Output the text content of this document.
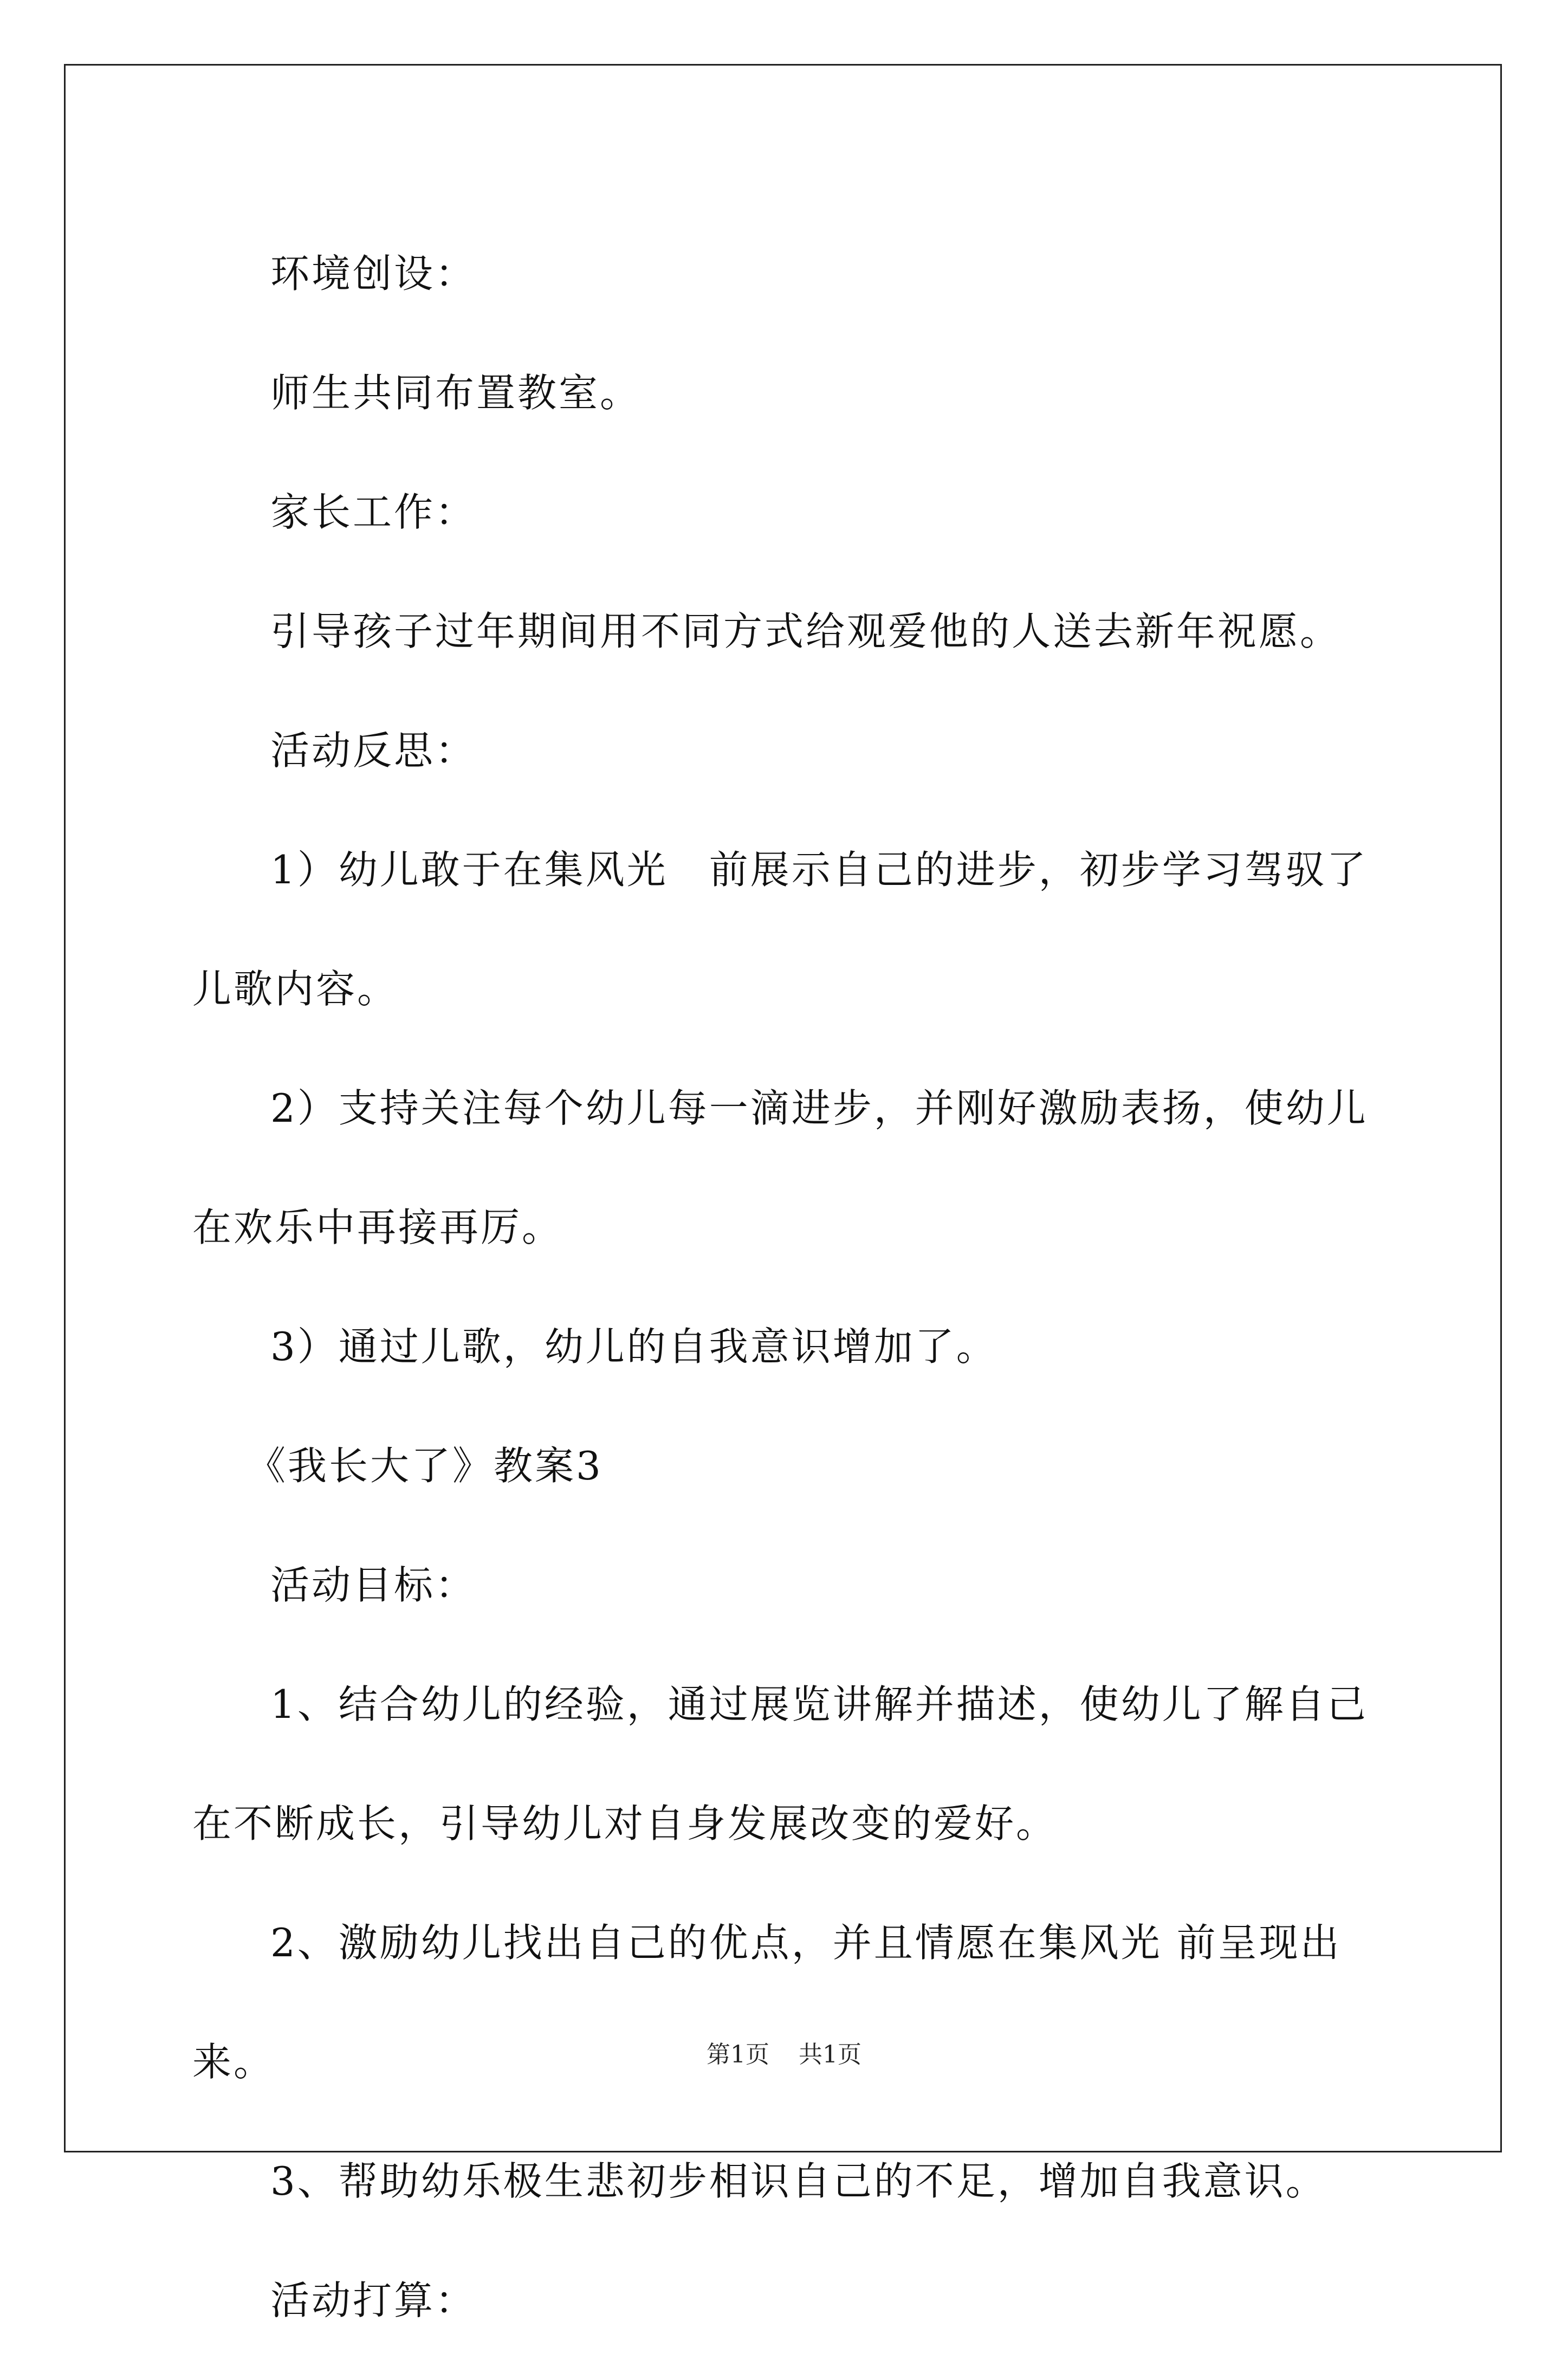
环境创设：

师生共同布置教室。

家长工作：

引导孩子过年期间用不同方式给观爱他的人送去新年祝愿。

活动反思：

1）幼儿敢于在集风光　前展示自己的进步，初步学习驾驭了儿歌内容。

2）支持关注每个幼儿每一滴进步，并刚好激励表扬，使幼儿在欢乐中再接再厉。

3）通过儿歌，幼儿的自我意识增加了。

《我长大了》教案3

活动目标：

1、结合幼儿的经验，通过展览讲解并描述，使幼儿了解自己在不断成长，引导幼儿对自身发展改变的爱好。

2、激励幼儿找出自己的优点，并且情愿在集风光 前呈现出来。

3、帮助幼乐极生悲初步相识自己的不足，增加自我意识。

活动打算：

第1页 共1页
